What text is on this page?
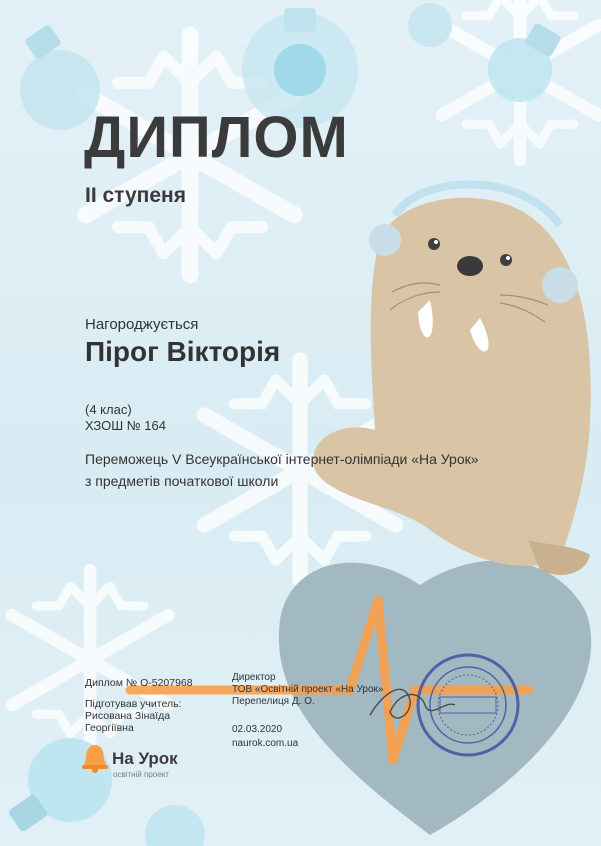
ДИПЛОМ
ІІ ступеня
Нагороджується
Пірог Вікторія
(4 клас)
ХЗОШ № 164
Переможець V Всеукраїнської інтернет-олімпіади «На Урок»
з предметів початкової школи
Диплом № О-5207968
Підготував учитель:
Рисована Зінаїда
Георгіївна
Директор
ТОВ «Освітній проект «На Урок»
Перепелиця Д. О.
02.03.2020
naurok.com.ua
На Урок
освітній проект
